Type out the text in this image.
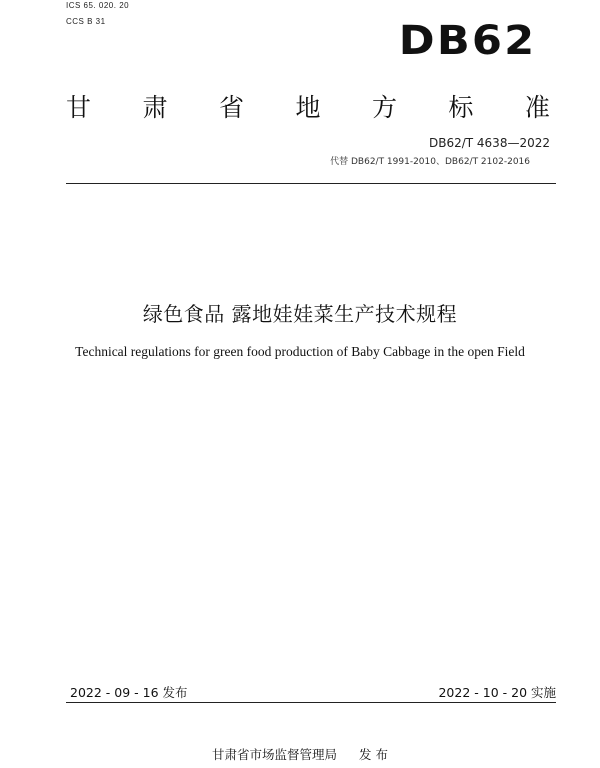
ICS 65. 020. 20
CCS B 31	DB62
甘 肃 省 地 方 标 准
DB62/T 4638—2022
代替 DB62/T 1991-2010、DB62/T 2102-2016
绿色食品 露地娃娃菜生产技术规程
Technical regulations for green food production of Baby Cabbage in the open Field
2022 - 09 - 16 发布	2022 - 10 - 20 实施
甘肃省市场监督管理局 发 布
